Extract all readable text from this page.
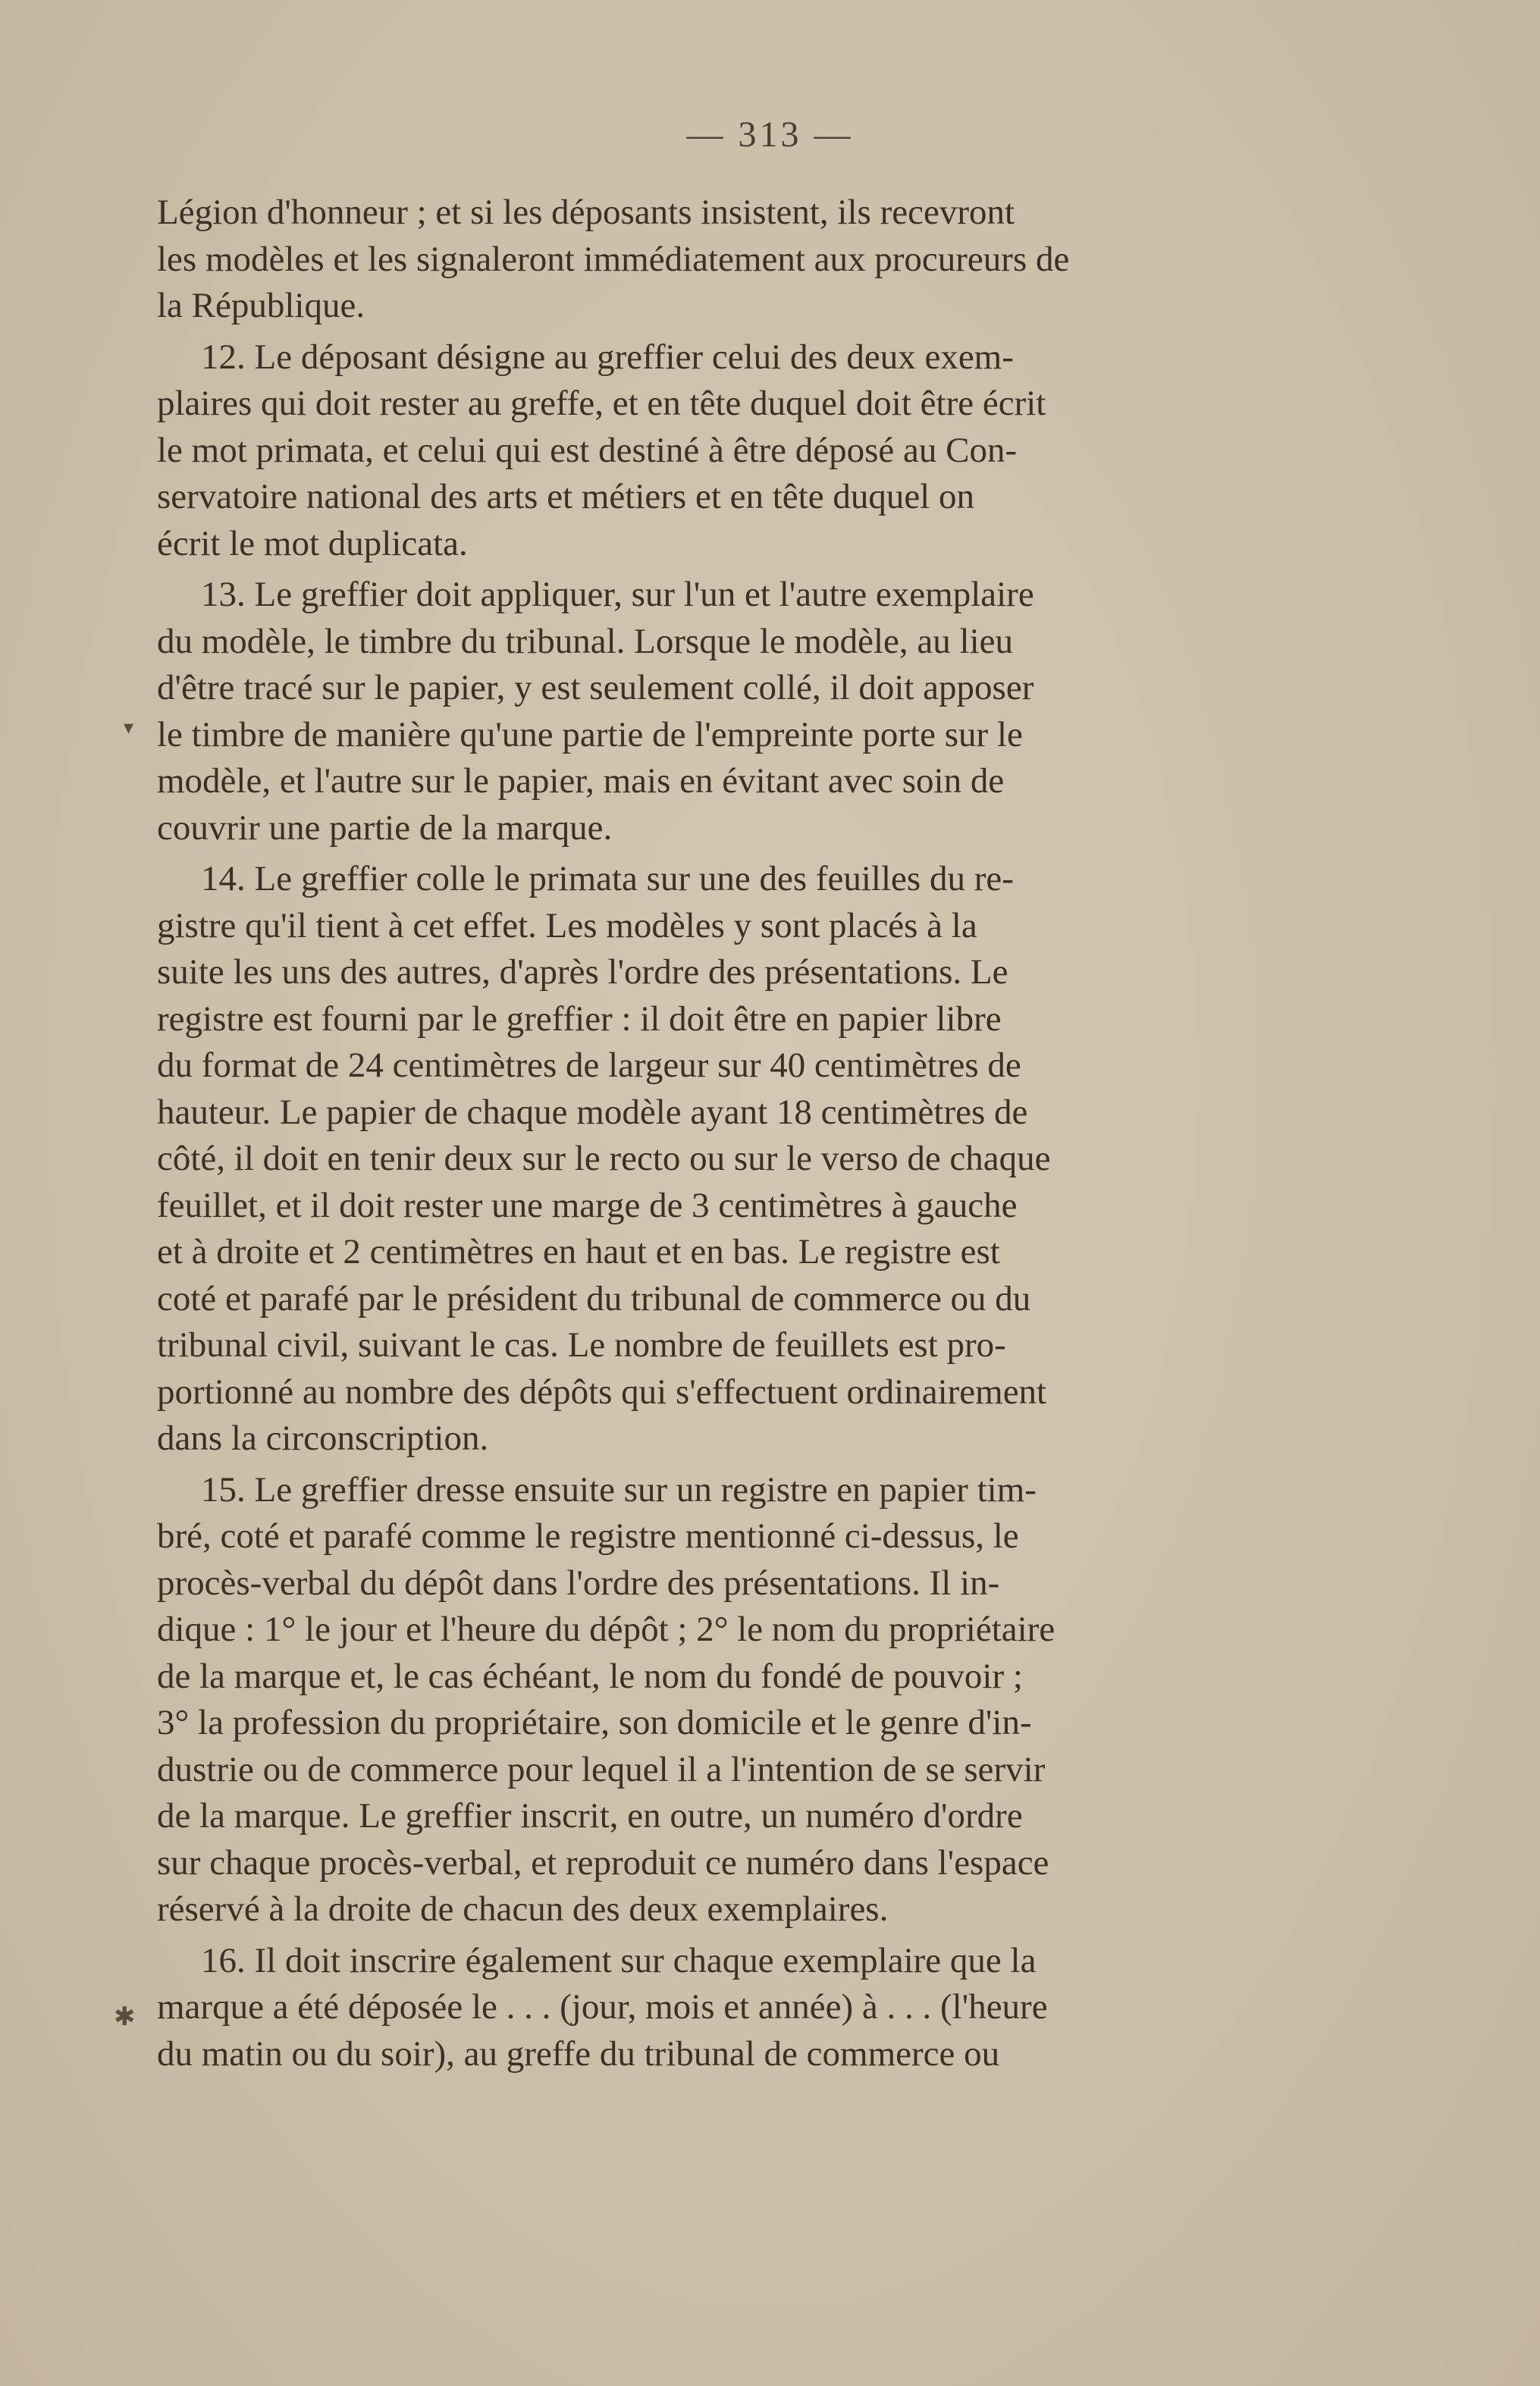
— 313 —

Légion d'honneur ; et si les déposants insistent, ils recevront
les modèles et les signaleront immédiatement aux procureurs de
la République.

12. Le déposant désigne au greffier celui des deux exem-
plaires qui doit rester au greffe, et en tête duquel doit être écrit
le mot primata, et celui qui est destiné à être déposé au Con-
servatoire national des arts et métiers et en tête duquel on
écrit le mot duplicata.

13. Le greffier doit appliquer, sur l'un et l'autre exemplaire
du modèle, le timbre du tribunal. Lorsque le modèle, au lieu
d'être tracé sur le papier, y est seulement collé, il doit apposer
le timbre de manière qu'une partie de l'empreinte porte sur le
modèle, et l'autre sur le papier, mais en évitant avec soin de
couvrir une partie de la marque.

14. Le greffier colle le primata sur une des feuilles du re-
gistre qu'il tient à cet effet. Les modèles y sont placés à la
suite les uns des autres, d'après l'ordre des présentations. Le
registre est fourni par le greffier : il doit être en papier libre
du format de 24 centimètres de largeur sur 40 centimètres de
hauteur. Le papier de chaque modèle ayant 18 centimètres de
côté, il doit en tenir deux sur le recto ou sur le verso de chaque
feuillet, et il doit rester une marge de 3 centimètres à gauche
et à droite et 2 centimètres en haut et en bas. Le registre est
coté et parafé par le président du tribunal de commerce ou du
tribunal civil, suivant le cas. Le nombre de feuillets est pro-
portionné au nombre des dépôts qui s'effectuent ordinairement
dans la circonscription.

15. Le greffier dresse ensuite sur un registre en papier tim-
bré, coté et parafé comme le registre mentionné ci-dessus, le
procès-verbal du dépôt dans l'ordre des présentations. Il in-
dique : 1° le jour et l'heure du dépôt ; 2° le nom du propriétaire
de la marque et, le cas échéant, le nom du fondé de pouvoir ;
3° la profession du propriétaire, son domicile et le genre d'in-
dustrie ou de commerce pour lequel il a l'intention de se servir
de la marque. Le greffier inscrit, en outre, un numéro d'ordre
sur chaque procès-verbal, et reproduit ce numéro dans l'espace
réservé à la droite de chacun des deux exemplaires.

16. Il doit inscrire également sur chaque exemplaire que la
marque a été déposée le . . . (jour, mois et année) à . . . (l'heure
du matin ou du soir), au greffe du tribunal de commerce ou

✱
▾
